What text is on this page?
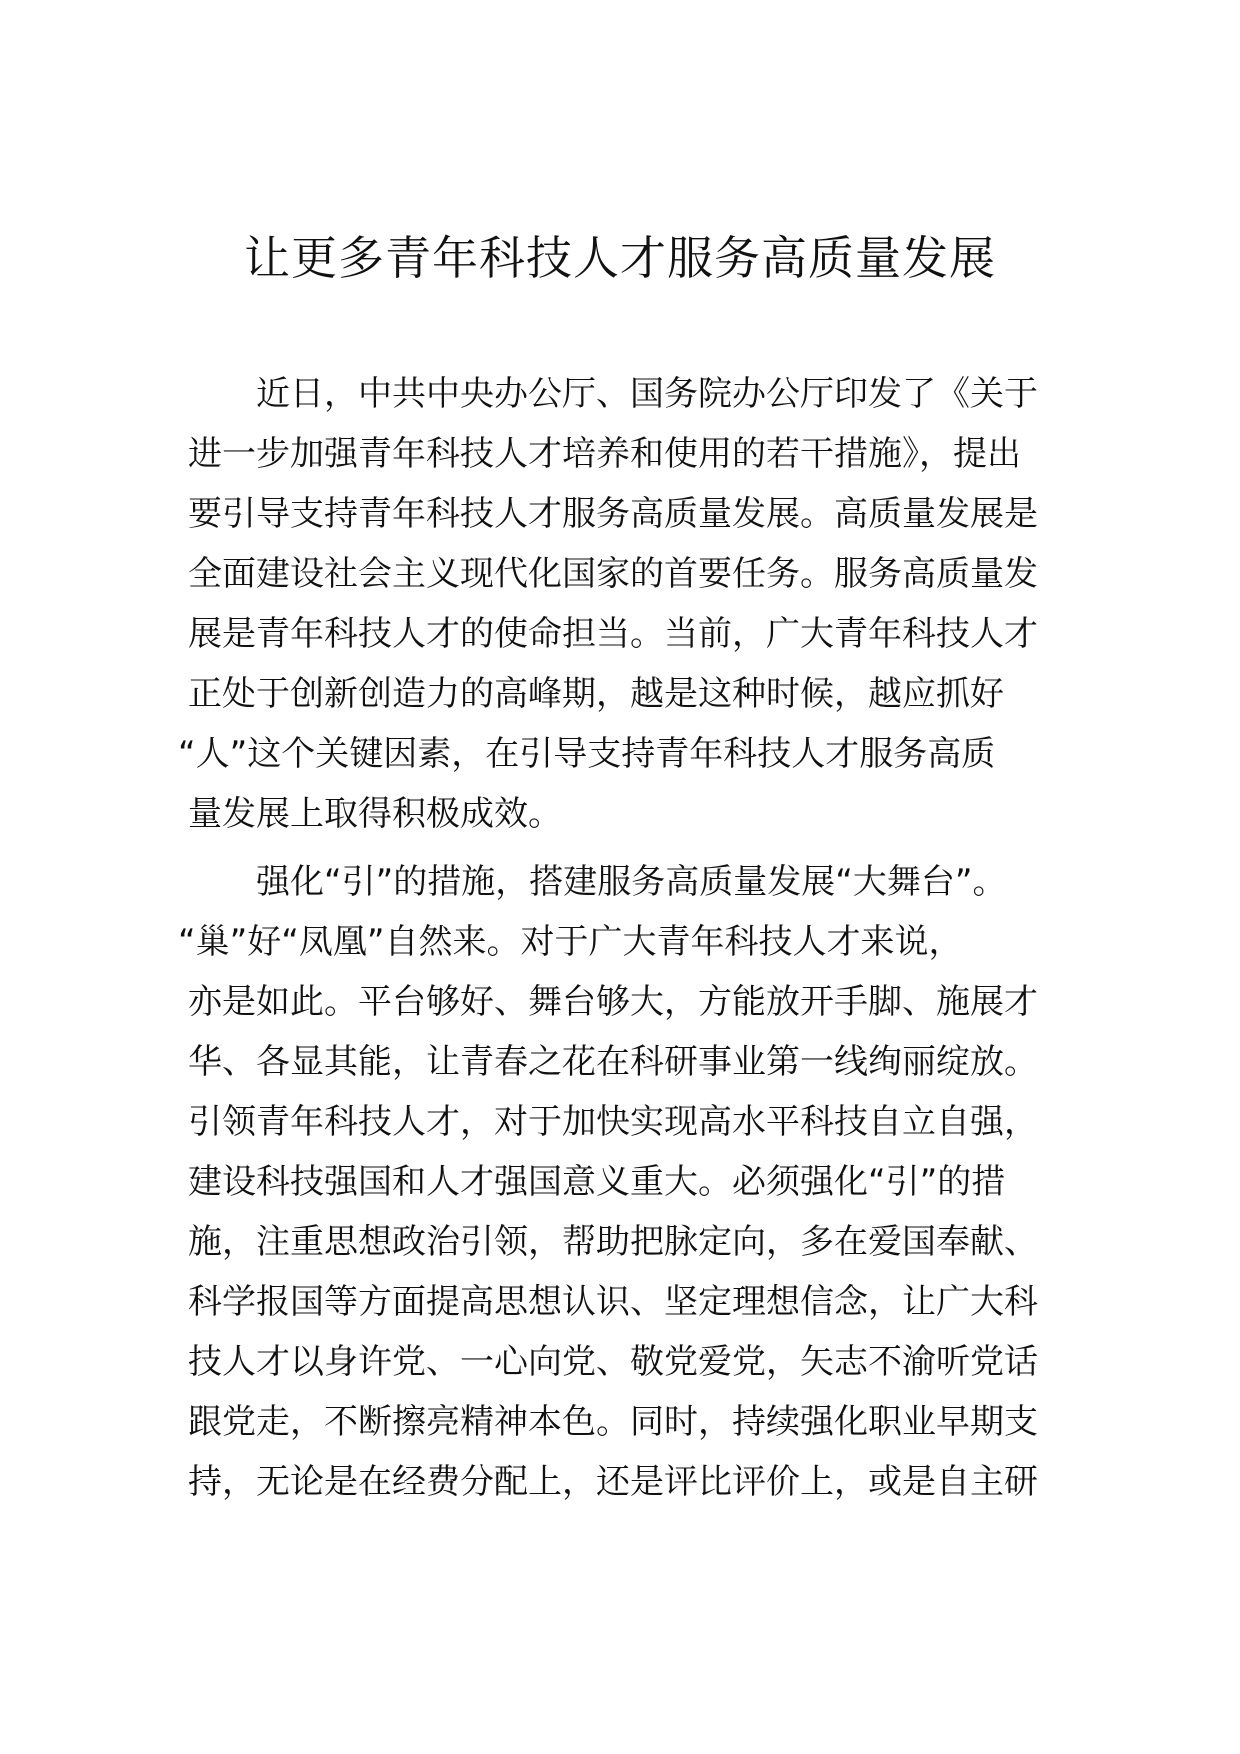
让更多青年科技人才服务高质量发展
近日，中共中央办公厅、国务院办公厅印发了《关于
进一步加强青年科技人才培养和使用的若干措施》，提出
要引导支持青年科技人才服务高质量发展。高质量发展是
全面建设社会主义现代化国家的首要任务。服务高质量发
展是青年科技人才的使命担当。当前，广大青年科技人才
正处于创新创造力的高峰期，越是这种时候，越应抓好
“人”这个关键因素，在引导支持青年科技人才服务高质
量发展上取得积极成效。
强化“引”的措施，搭建服务高质量发展“大舞台”。
“巢”好“凤凰”自然来。对于广大青年科技人才来说，
亦是如此。平台够好、舞台够大，方能放开手脚、施展才
华、各显其能，让青春之花在科研事业第一线绚丽绽放。
引领青年科技人才，对于加快实现高水平科技自立自强，
建设科技强国和人才强国意义重大。必须强化“引”的措
施，注重思想政治引领，帮助把脉定向，多在爱国奉献、
科学报国等方面提高思想认识、坚定理想信念，让广大科
技人才以身许党、一心向党、敬党爱党，矢志不渝听党话
跟党走，不断擦亮精神本色。同时，持续强化职业早期支
持，无论是在经费分配上，还是评比评价上，或是自主研
